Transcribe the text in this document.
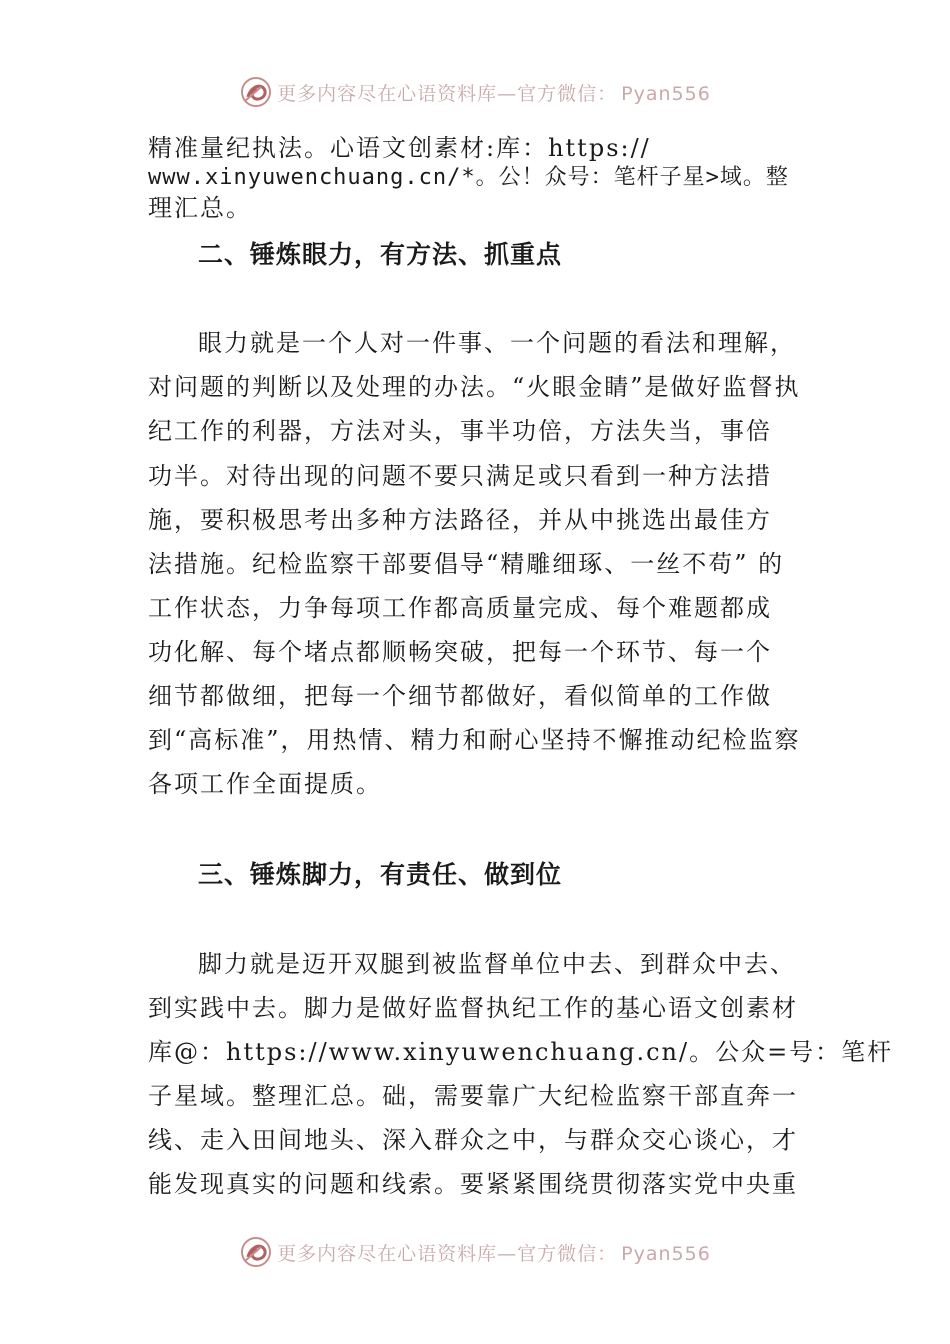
更多内容尽在心语资料库—官方微信： Pyan556
精准量纪执法。心语文创素材:库：https://
www.xinyuwenchuang.cn/*。公！众号：笔杆子星>域。整
理汇总。
二、锤炼眼力，有方法、抓重点
眼力就是一个人对一件事、一个问题的看法和理解，
对问题的判断以及处理的办法。“火眼金睛”是做好监督执
纪工作的利器，方法对头，事半功倍，方法失当，事倍
功半。对待出现的问题不要只满足或只看到一种方法措
施，要积极思考出多种方法路径，并从中挑选出最佳方
法措施。纪检监察干部要倡导“精雕细琢、一丝不苟” 的
工作状态，力争每项工作都高质量完成、每个难题都成
功化解、每个堵点都顺畅突破，把每一个环节、每一个
细节都做细，把每一个细节都做好，看似简单的工作做
到“高标准”，用热情、精力和耐心坚持不懈推动纪检监察
各项工作全面提质。
三、锤炼脚力，有责任、做到位
脚力就是迈开双腿到被监督单位中去、到群众中去、
到实践中去。脚力是做好监督执纪工作的基心语文创素材
库@：https://www.xinyuwenchuang.cn/。公众=号：笔杆
子星域。整理汇总。础，需要靠广大纪检监察干部直奔一
线、走入田间地头、深入群众之中，与群众交心谈心，才
能发现真实的问题和线索。要紧紧围绕贯彻落实党中央重
更多内容尽在心语资料库—官方微信： Pyan556
